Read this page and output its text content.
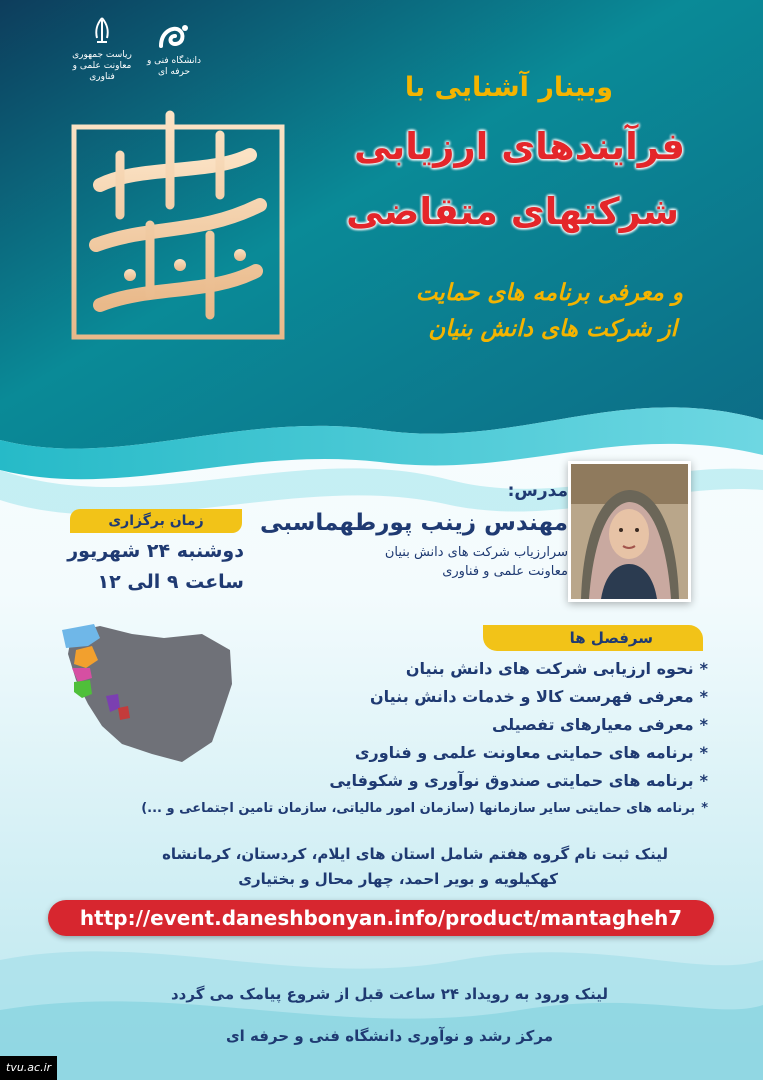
ریاست جمهوری
معاونت علمی و فناوری
دانشگاه فنی و حرفه ای	وبینار آشنایی با
فرآیندهای ارزیابی
شرکتهای متقاضی
و معرفی برنامه های حمایت
از شرکت های دانش بنیان
زمان برگزاری
دوشنبه ۲۴ شهریور
ساعت ۹ الی ۱۲
مدرس:
مهندس زینب پورطهماسبی
سرارزیاب شرکت های دانش بنیان
معاونت علمی و فناوری
سرفصل ها
*نحوه ارزیابی شرکت های دانش بنیان
*معرفی فهرست کالا و خدمات دانش بنیان
*معرفی معیارهای تفصیلی
*برنامه های حمایتی معاونت علمی و فناوری
*برنامه های حمایتی صندوق نوآوری و شکوفایی
*برنامه های حمایتی سایر سازمانها (سازمان امور مالیاتی، سازمان تامین اجتماعی و ...)
لینک ثبت نام گروه هفتم شامل استان های ایلام، کردستان، کرمانشاه
کهکیلویه و بویر احمد، چهار محال و بختیاری
http://event.daneshbonyan.info/product/mantagheh7
لینک ورود به رویداد ۲۴ ساعت قبل از شروع پیامک می گردد
مرکز رشد و نوآوری دانشگاه فنی و حرفه ای
tvu.ac.ir
